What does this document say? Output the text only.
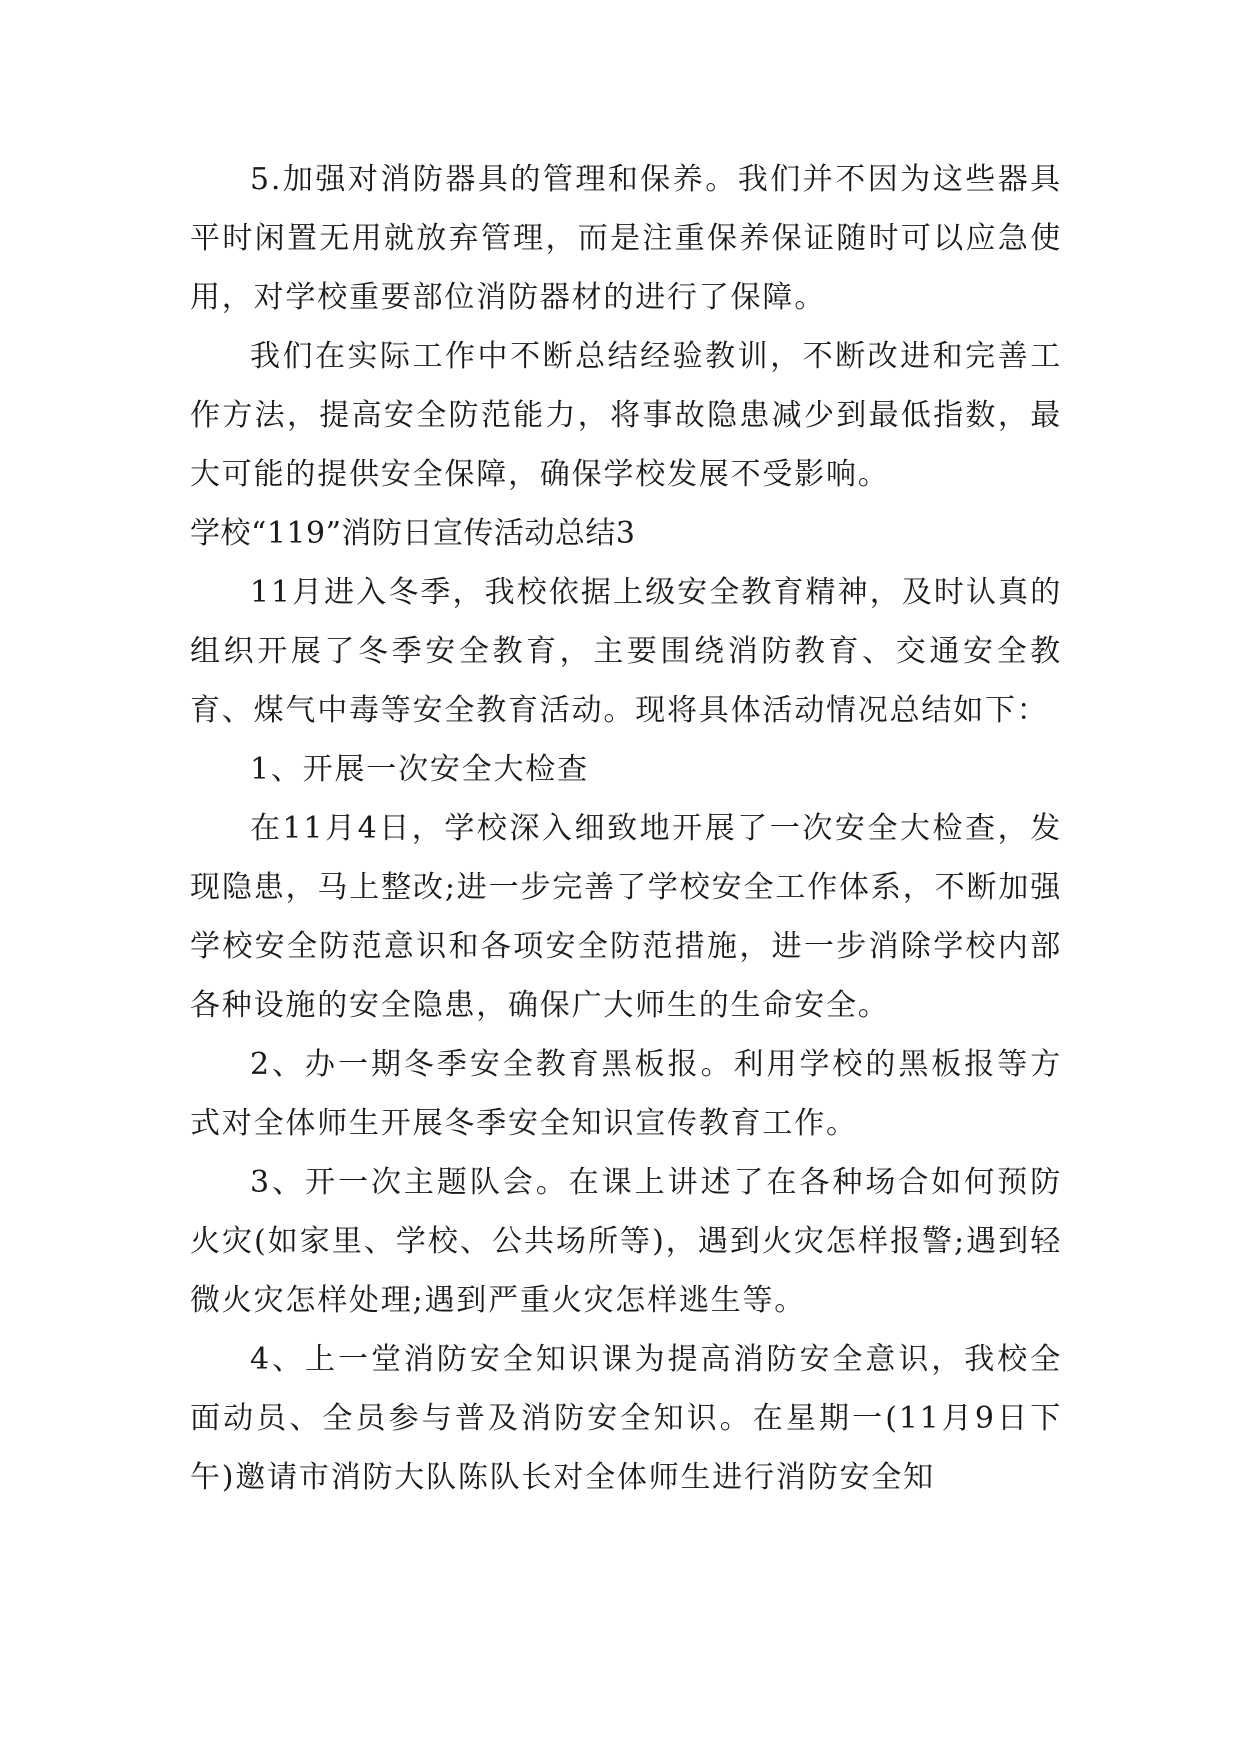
5.加强对消防器具的管理和保养。我们并不因为这些器具平时闲置无用就放弃管理，而是注重保养保证随时可以应急使用，对学校重要部位消防器材的进行了保障。

我们在实际工作中不断总结经验教训，不断改进和完善工作方法，提高安全防范能力，将事故隐患减少到最低指数，最大可能的提供安全保障，确保学校发展不受影响。

学校“119”消防日宣传活动总结3

11月进入冬季，我校依据上级安全教育精神，及时认真的组织开展了冬季安全教育，主要围绕消防教育、交通安全教育、煤气中毒等安全教育活动。现将具体活动情况总结如下：

1、开展一次安全大检查

在11月4日，学校深入细致地开展了一次安全大检查，发现隐患，马上整改;进一步完善了学校安全工作体系，不断加强学校安全防范意识和各项安全防范措施，进一步消除学校内部各种设施的安全隐患，确保广大师生的生命安全。

2、办一期冬季安全教育黑板报。利用学校的黑板报等方式对全体师生开展冬季安全知识宣传教育工作。

3、开一次主题队会。在课上讲述了在各种场合如何预防火灾(如家里、学校、公共场所等)，遇到火灾怎样报警;遇到轻微火灾怎样处理;遇到严重火灾怎样逃生等。

4、上一堂消防安全知识课为提高消防安全意识，我校全面动员、全员参与普及消防安全知识。在星期一(11月9日下午)邀请市消防大队陈队长对全体师生进行消防安全知
